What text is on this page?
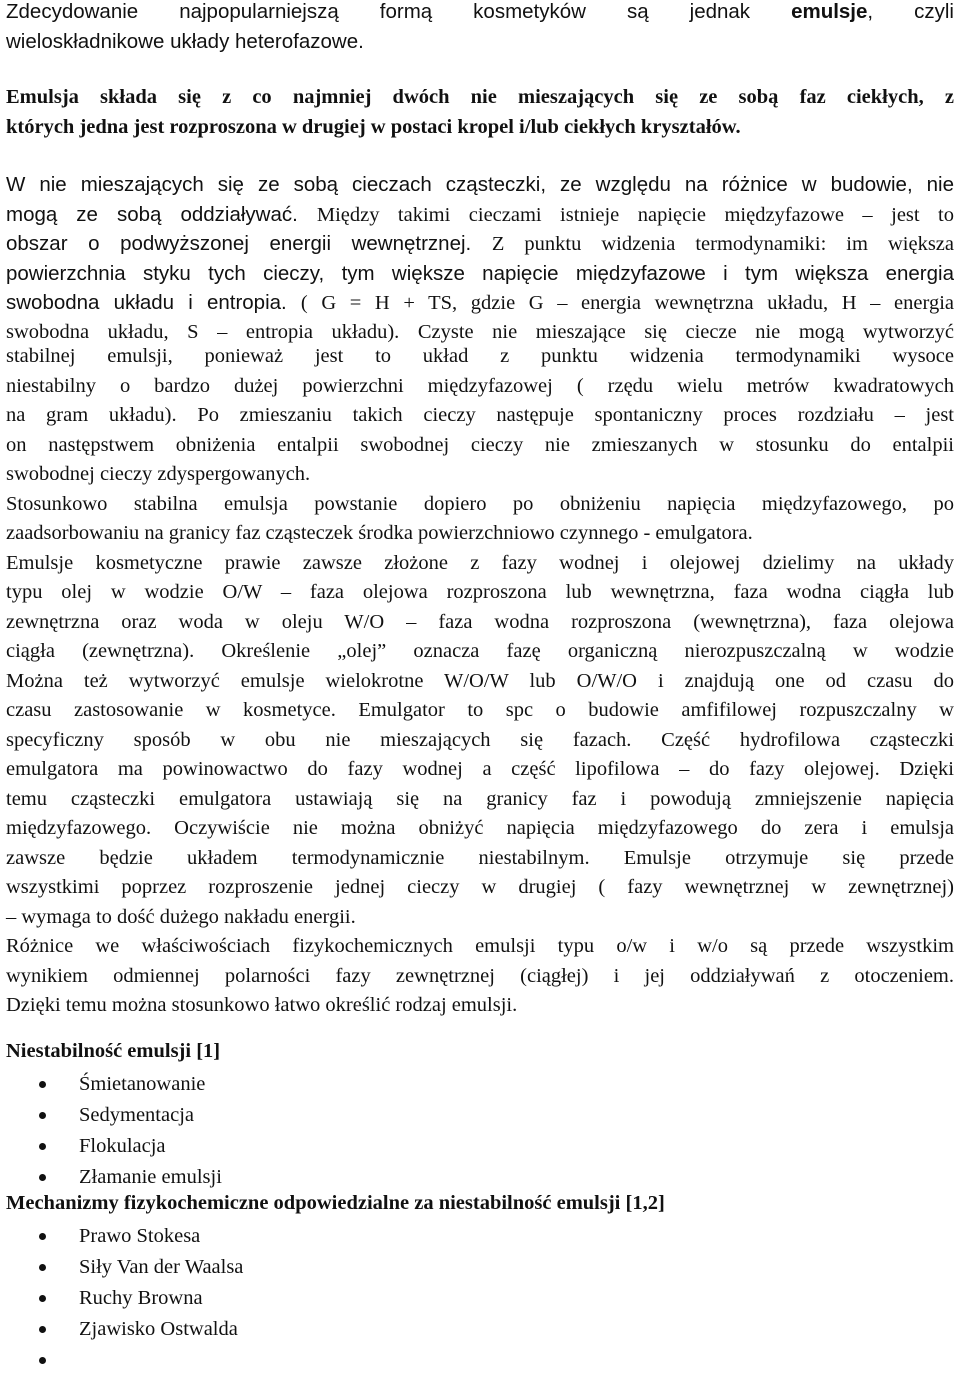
Zdecydowanie najpopularniejszą formą kosmetyków są jednak emulsje, czyli
wieloskładnikowe układy heterofazowe.
Emulsja składa się z co najmniej dwóch nie mieszających się ze sobą faz ciekłych, z
których jedna jest rozproszona w drugiej w postaci kropel i/lub ciekłych kryształów.
W nie mieszających się ze sobą cieczach cząsteczki, ze względu na różnice w budowie, nie
mogą ze sobą oddziaływać. Między takimi cieczami istnieje napięcie międzyfazowe – jest to
obszar o podwyższonej energii wewnętrznej. Z punktu widzenia termodynamiki: im większa
powierzchnia styku tych cieczy, tym większe napięcie międzyfazowe i tym większa energia
swobodna układu i entropia. ( G = H + TS, gdzie G – energia wewnętrzna układu, H – energia
swobodna układu, S – entropia układu). Czyste nie mieszające się ciecze nie mogą wytworzyć
stabilnej emulsji, ponieważ jest to układ z punktu widzenia termodynamiki wysoce
niestabilny o bardzo dużej powierzchni międzyfazowej ( rzędu wielu metrów kwadratowych
na gram układu). Po zmieszaniu takich cieczy następuje spontaniczny proces rozdziału – jest
on następstwem obniżenia entalpii swobodnej cieczy nie zmieszanych w stosunku do entalpii
swobodnej cieczy zdyspergowanych.
Stosunkowo stabilna emulsja powstanie dopiero po obniżeniu napięcia międzyfazowego, po
zaadsorbowaniu na granicy faz cząsteczek środka powierzchniowo czynnego - emulgatora.
Emulsje kosmetyczne prawie zawsze złożone z fazy wodnej i olejowej dzielimy na układy
typu olej w wodzie O/W – faza olejowa rozproszona lub wewnętrzna, faza wodna ciągła lub
zewnętrzna oraz woda w oleju W/O – faza wodna rozproszona (wewnętrzna), faza olejowa
ciągła (zewnętrzna). Określenie „olej” oznacza fazę organiczną nierozpuszczalną w wodzie
Można też wytworzyć emulsje wielokrotne W/O/W lub O/W/O i znajdują one od czasu do
czasu zastosowanie w kosmetyce. Emulgator to spc o budowie amfifilowej rozpuszczalny w
specyficzny sposób w obu nie mieszających się fazach. Część hydrofilowa cząsteczki
emulgatora ma powinowactwo do fazy wodnej a część lipofilowa – do fazy olejowej. Dzięki
temu cząsteczki emulgatora ustawiają się na granicy faz i powodują zmniejszenie napięcia
międzyfazowego. Oczywiście nie można obniżyć napięcia międzyfazowego do zera i emulsja
zawsze będzie układem termodynamicznie niestabilnym. Emulsje otrzymuje się przede
wszystkimi poprzez rozproszenie jednej cieczy w drugiej ( fazy wewnętrznej w zewnętrznej)
– wymaga to dość dużego nakładu energii.
Różnice we właściwościach fizykochemicznych emulsji typu o/w i w/o są przede wszystkim
wynikiem odmiennej polarności fazy zewnętrznej (ciągłej) i jej oddziaływań z otoczeniem.
Dzięki temu można stosunkowo łatwo określić rodzaj emulsji.
Niestabilność emulsji [1]
Śmietanowanie
Sedymentacja
Flokulacja
Złamanie emulsji
Mechanizmy fizykochemiczne odpowiedzialne za niestabilność emulsji [1,2]
Prawo Stokesa
Siły Van der Waalsa
Ruchy Browna
Zjawisko Ostwalda
